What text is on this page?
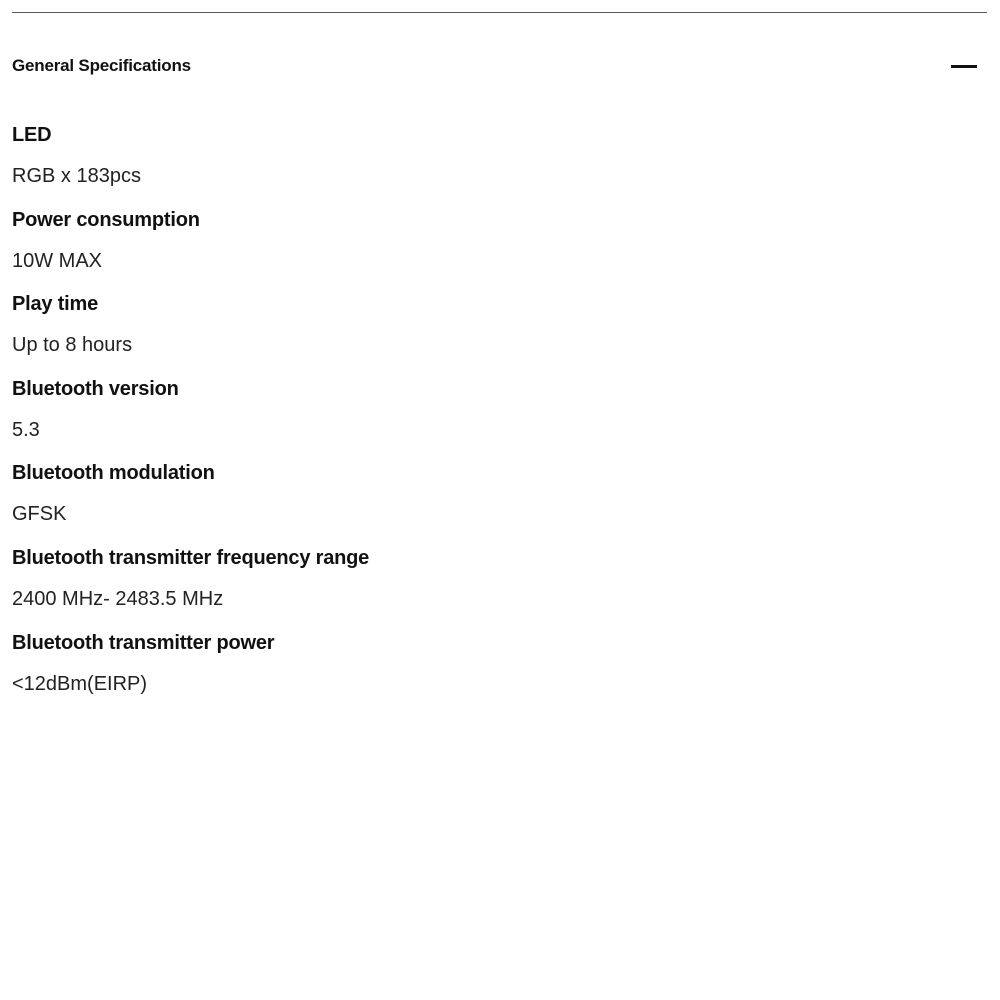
General Specifications
LED
RGB x 183pcs
Power consumption
10W MAX
Play time
Up to 8 hours
Bluetooth version
5.3
Bluetooth modulation
GFSK
Bluetooth transmitter frequency range
2400 MHz- 2483.5 MHz
Bluetooth transmitter power
<12dBm(EIRP)
